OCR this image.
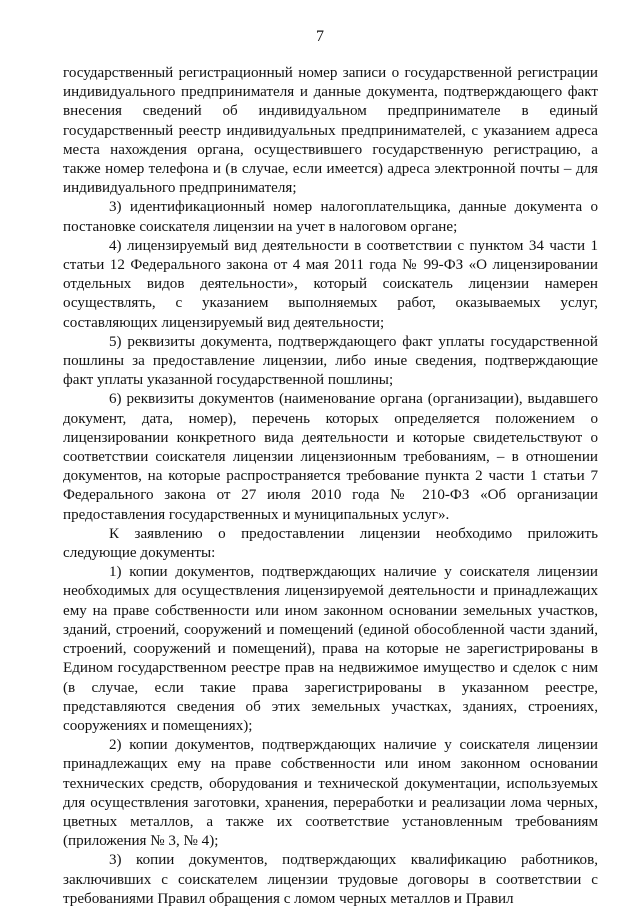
7

государственный регистрационный номер записи о государственной регистрации индивидуального предпринимателя и данные документа, подтверждающего факт внесения сведений об индивидуальном предпринимателе в единый государственный реестр индивидуальных предпринимателей, с указанием адреса места нахождения органа, осуществившего государственную регистрацию, а также номер телефона и (в случае, если имеется) адреса электронной почты – для индивидуального предпринимателя;

3) идентификационный номер налогоплательщика, данные документа о постановке соискателя лицензии на учет в налоговом органе;

4) лицензируемый вид деятельности в соответствии с пунктом 34 части 1 статьи 12 Федерального закона от 4 мая 2011 года № 99-ФЗ «О лицензировании отдельных видов деятельности», который соискатель лицензии намерен осуществлять, с указанием выполняемых работ, оказываемых услуг, составляющих лицензируемый вид деятельности;

5) реквизиты документа, подтверждающего факт уплаты государственной пошлины за предоставление лицензии, либо иные сведения, подтверждающие факт уплаты указанной государственной пошлины;

6) реквизиты документов (наименование органа (организации), выдавшего документ, дата, номер), перечень которых определяется положением о лицензировании конкретного вида деятельности и которые свидетельствуют о соответствии соискателя лицензии лицензионным требованиям, – в отношении документов, на которые распространяется требование пункта 2 части 1 статьи 7 Федерального закона от 27 июля 2010 года № 210-ФЗ «Об организации предоставления государственных и муниципальных услуг».

К заявлению о предоставлении лицензии необходимо приложить следующие документы:

1) копии документов, подтверждающих наличие у соискателя лицензии необходимых для осуществления лицензируемой деятельности и принадлежащих ему на праве собственности или ином законном основании земельных участков, зданий, строений, сооружений и помещений (единой обособленной части зданий, строений, сооружений и помещений), права на которые не зарегистрированы в Едином государственном реестре прав на недвижимое имущество и сделок с ним (в случае, если такие права зарегистрированы в указанном реестре, представляются сведения об этих земельных участках, зданиях, строениях, сооружениях и помещениях);

2) копии документов, подтверждающих наличие у соискателя лицензии принадлежащих ему на праве собственности или ином законном основании технических средств, оборудования и технической документации, используемых для осуществления заготовки, хранения, переработки и реализации лома черных, цветных металлов, а также их соответствие установленным требованиям (приложения № 3, № 4);

3) копии документов, подтверждающих квалификацию работников, заключивших с соискателем лицензии трудовые договоры в соответствии с требованиями Правил обращения с ломом черных металлов и Правил
